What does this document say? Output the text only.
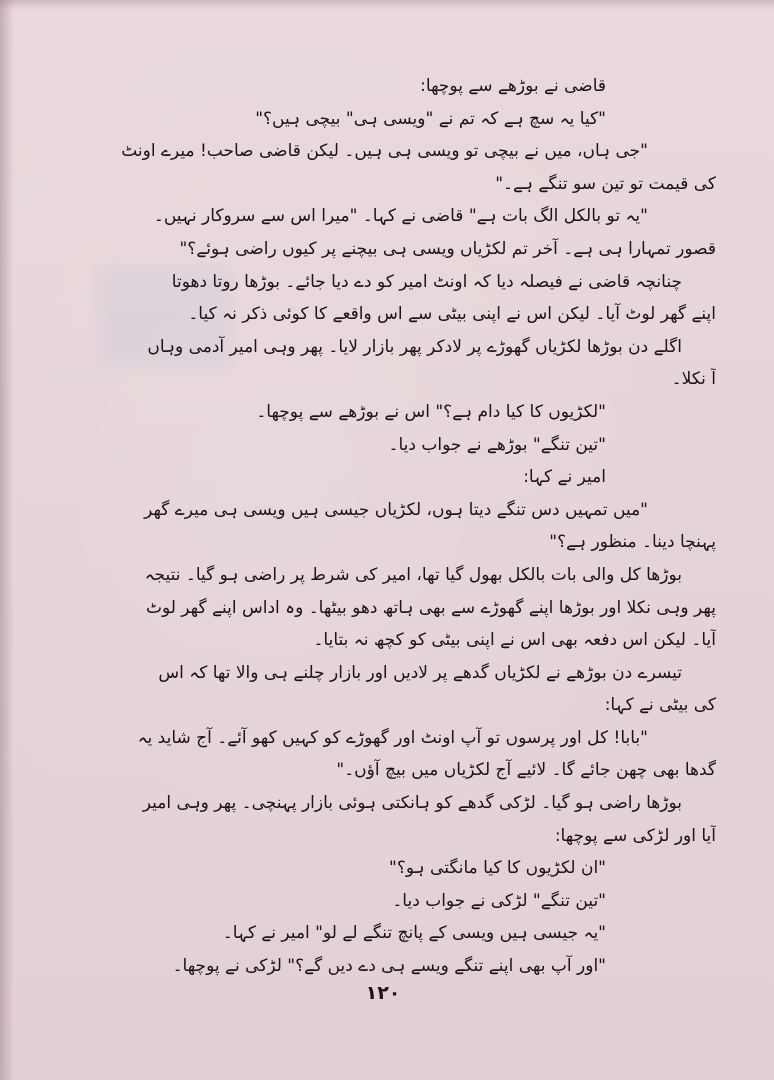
قاضی نے بوڑھے سے پوچھا:
"کیا یہ سچ ہے کہ تم نے "ویسی ہی" بیچی ہیں؟"
"جی ہاں، میں نے بیچی تو ویسی ہی ہیں۔ لیکن قاضی صاحب! میرے اونٹ
کی قیمت تو تین سو تنگے ہے۔"
"یہ تو بالکل الگ بات ہے" قاضی نے کہا۔ "میرا اس سے سروکار نہیں۔
قصور تمہارا ہی ہے۔ آخر تم لکڑیاں ویسی ہی بیچنے پر کیوں راضی ہوئے؟"
چنانچہ قاضی نے فیصلہ دیا کہ اونٹ امیر کو دے دیا جائے۔ بوڑھا روتا دھوتا
اپنے گھر لوٹ آیا۔ لیکن اس نے اپنی بیٹی سے اس واقعے کا کوئی ذکر نہ کیا۔
اگلے دن بوڑھا لکڑیاں گھوڑے پر لادکر پھر بازار لایا۔ پھر وہی امیر آدمی وہاں
آ نکلا۔
"لکڑیوں کا کیا دام ہے؟" اس نے بوڑھے سے پوچھا۔
"تین تنگے" بوڑھے نے جواب دیا۔
امیر نے کہا:
"میں تمہیں دس تنگے دیتا ہوں، لکڑیاں جیسی ہیں ویسی ہی میرے گھر
پہنچا دینا۔ منظور ہے؟"
بوڑھا کل والی بات بالکل بھول گیا تھا، امیر کی شرط پر راضی ہو گیا۔ نتیجہ
پھر وہی نکلا اور بوڑھا اپنے گھوڑے سے بھی ہاتھ دھو بیٹھا۔ وہ اداس اپنے گھر لوٹ
آیا۔ لیکن اس دفعہ بھی اس نے اپنی بیٹی کو کچھ نہ بتایا۔
تیسرے دن بوڑھے نے لکڑیاں گدھے پر لادیں اور بازار چلنے ہی والا تھا کہ اس
کی بیٹی نے کہا:
"بابا! کل اور پرسوں تو آپ اونٹ اور گھوڑے کو کہیں کھو آئے۔ آج شاید یہ
گدھا بھی چھن جائے گا۔ لائیے آج لکڑیاں میں بیچ آؤں۔"
بوڑھا راضی ہو گیا۔ لڑکی گدھے کو ہانکتی ہوئی بازار پہنچی۔ پھر وہی امیر
آیا اور لڑکی سے پوچھا:
"ان لکڑیوں کا کیا مانگتی ہو؟"
"تین تنگے" لڑکی نے جواب دیا۔
"یہ جیسی ہیں ویسی کے پانچ تنگے لے لو" امیر نے کہا۔
"اور آپ بھی اپنے تنگے ویسے ہی دے دیں گے؟" لڑکی نے پوچھا۔
۱۲۰
